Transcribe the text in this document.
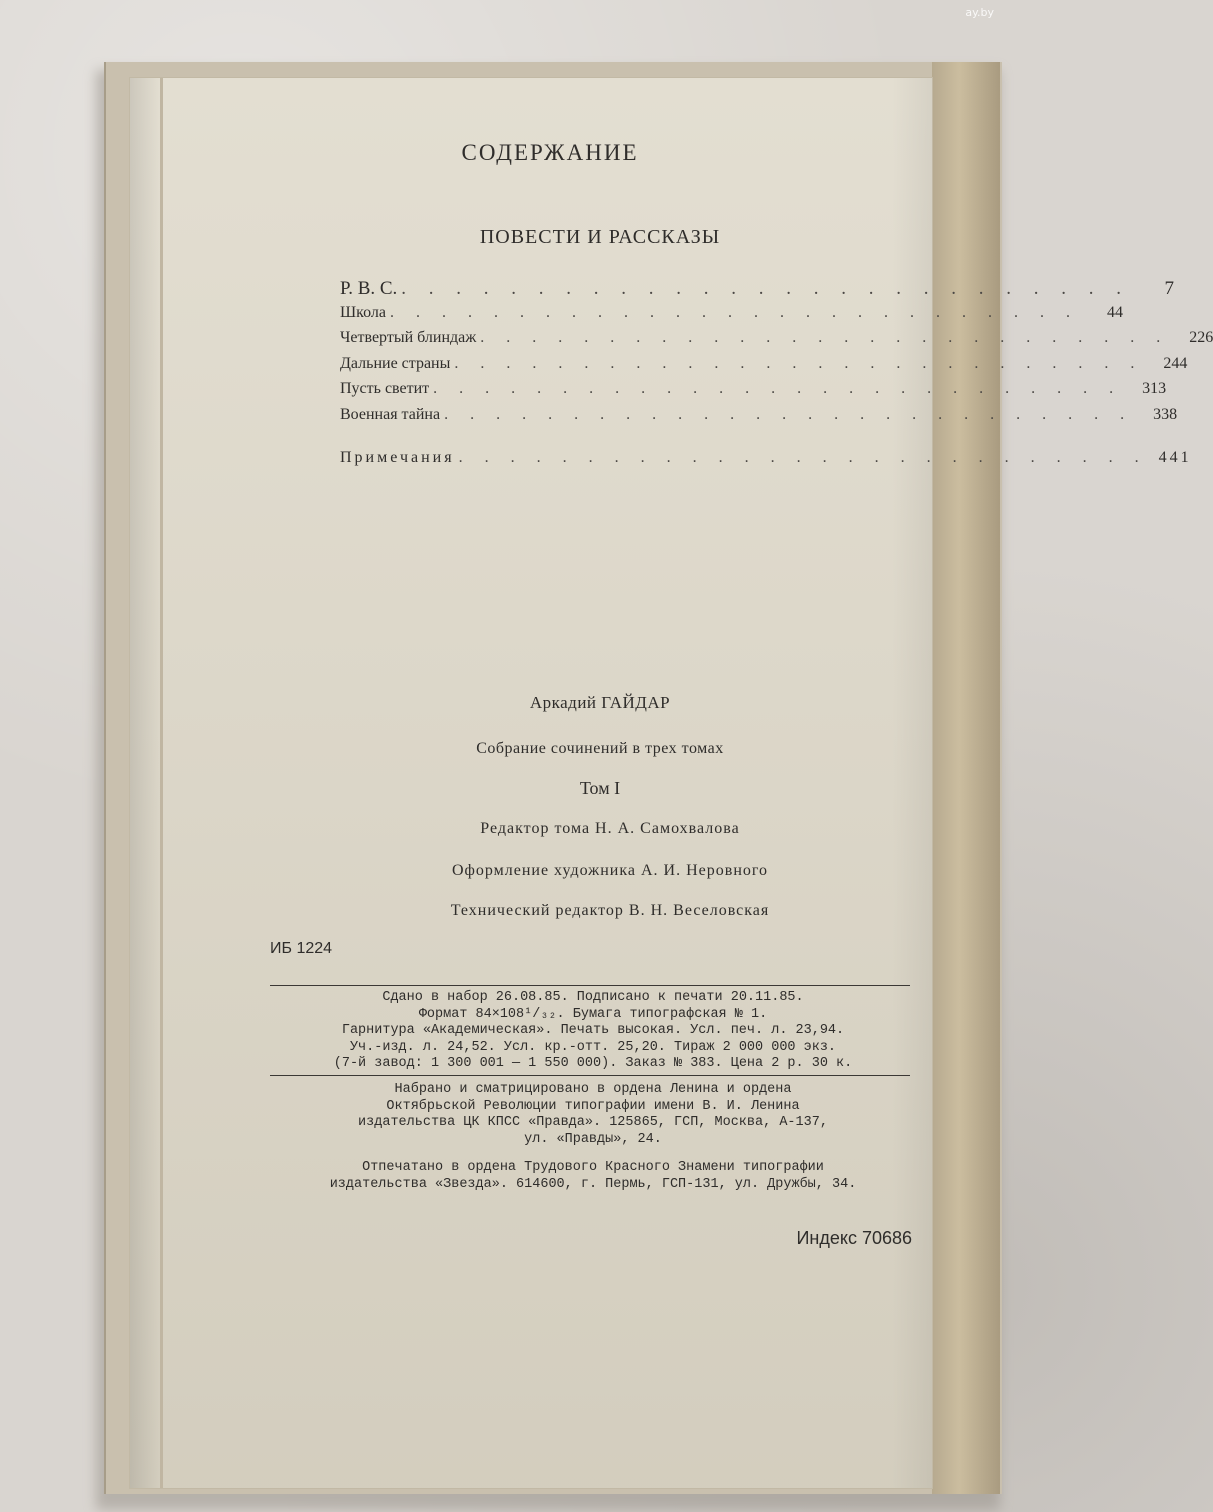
СОДЕРЖАНИЕ
ПОВЕСТИ И РАССКАЗЫ
Р. В. С. . . . . . . . . . . . . . . . . . . . . . . . . . . .	7
Школа . . . . . . . . . . . . . . . . . . . . . . . . . . .	44
Четвертый блиндаж . . . . . . . . . . . . . . . . . . . . . . . . . . .	226
Дальние страны . . . . . . . . . . . . . . . . . . . . . . . . . . .	244
Пусть светит . . . . . . . . . . . . . . . . . . . . . . . . . . .	313
Военная тайна . . . . . . . . . . . . . . . . . . . . . . . . . . .	338
Примечания . . . . . . . . . . . . . . . . . . . . . . . . . . . 441
Аркадий ГАЙДАР
Собрание сочинений в трех томах
Том I
Редактор тома Н. А. Самохвалова
Оформление художника А. И. Неровного
Технический редактор В. Н. Веселовская
ИБ 1224
Сдано в набор 26.08.85. Подписано к печати 20.11.85.
Формат 84×108¹/₃₂. Бумага типографская № 1.
Гарнитура «Академическая». Печать высокая. Усл. печ. л. 23,94.
Уч.-изд. л. 24,52. Усл. кр.-отт. 25,20. Тираж 2 000 000 экз.
(7-й завод: 1 300 001 — 1 550 000). Заказ № 383. Цена 2 р. 30 к.
Набрано и сматрицировано в ордена Ленина и ордена
Октябрьской Революции типографии имени В. И. Ленина
издательства ЦК КПСС «Правда». 125865, ГСП, Москва, А-137,
ул. «Правды», 24.
Отпечатано в ордена Трудового Красного Знамени типографии
издательства «Звезда». 614600, г. Пермь, ГСП-131, ул. Дружбы, 34.
Индекс 70686
ay.by
